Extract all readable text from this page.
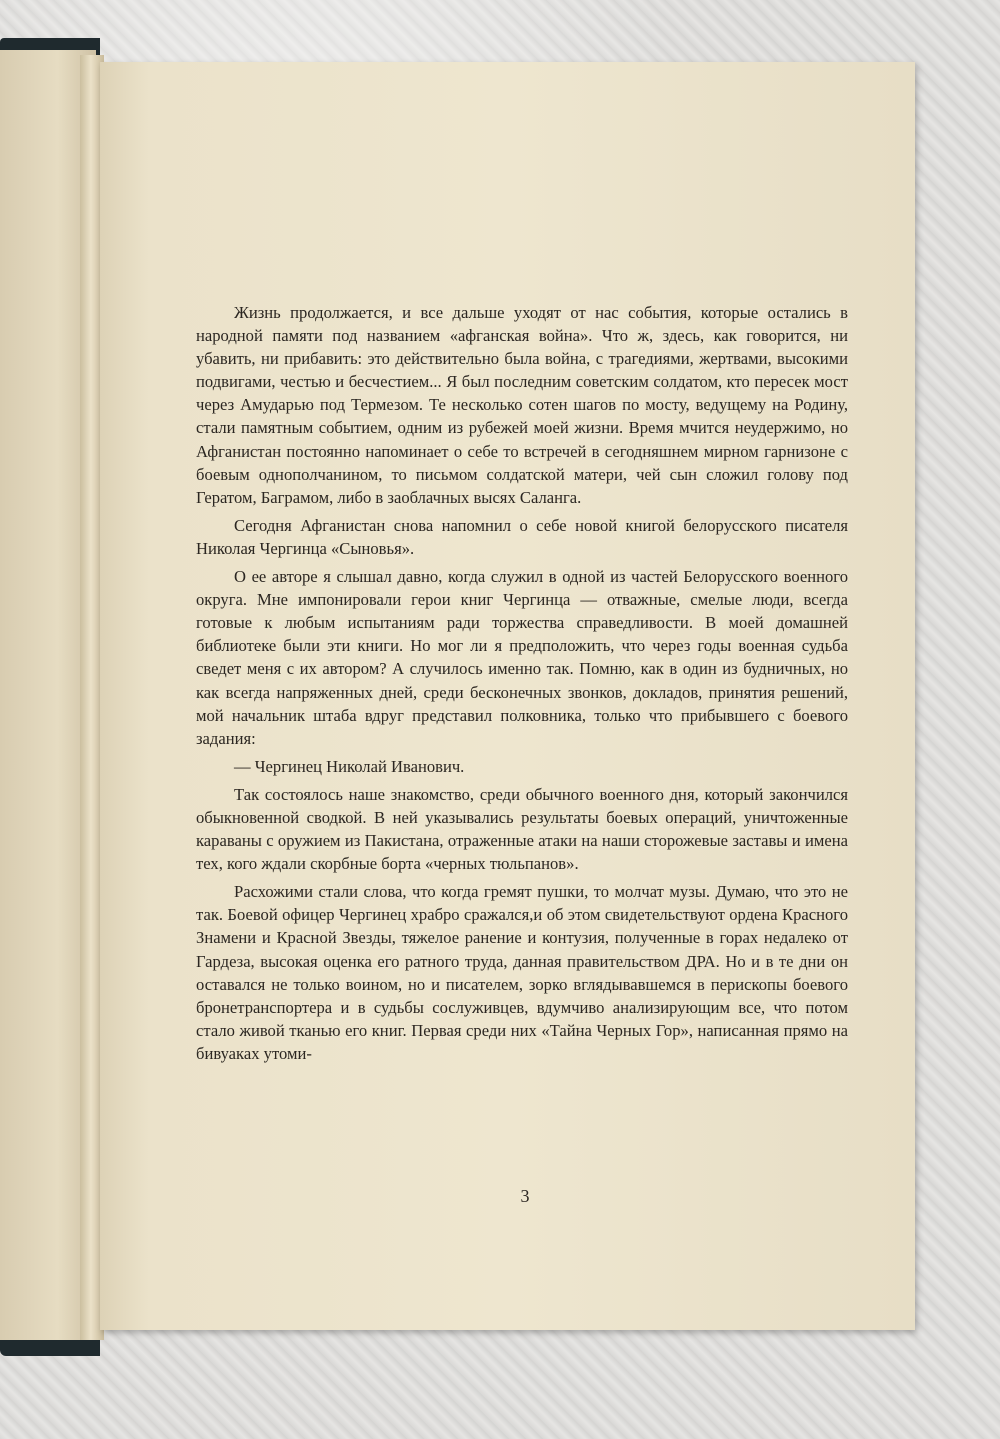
Жизнь продолжается, и все дальше уходят от нас события, которые остались в народной памяти под названием «афганская война». Что ж, здесь, как говорится, ни убавить, ни прибавить: это действительно была война, с трагедиями, жертвами, высокими подвигами, честью и бесчестием... Я был последним советским солдатом, кто пересек мост через Амударью под Термезом. Те несколько сотен шагов по мосту, ведущему на Родину, стали памятным событием, одним из рубежей моей жизни. Время мчится неудержимо, но Афганистан постоянно напоминает о себе то встречей в сегодняшнем мирном гарнизоне с боевым однополчанином, то письмом солдатской матери, чей сын сложил голову под Гератом, Баграмом, либо в заоблачных высях Саланга.

Сегодня Афганистан снова напомнил о себе новой книгой белорусского писателя Николая Чергинца «Сыновья».

О ее авторе я слышал давно, когда служил в одной из частей Белорусского военного округа. Мне импонировали герои книг Чергинца — отважные, смелые люди, всегда готовые к любым испытаниям ради торжества справедливости. В моей домашней библиотеке были эти книги. Но мог ли я предположить, что через годы военная судьба сведет меня с их автором? А случилось именно так. Помню, как в один из будничных, но как всегда напряженных дней, среди бесконечных звонков, докладов, принятия решений, мой начальник штаба вдруг представил полковника, только что прибывшего с боевого задания:

— Чергинец Николай Иванович.

Так состоялось наше знакомство, среди обычного военного дня, который закончился обыкновенной сводкой. В ней указывались результаты боевых операций, уничтоженные караваны с оружием из Пакистана, отраженные атаки на наши сторожевые заставы и имена тех, кого ждали скорбные борта «черных тюльпанов».

Расхожими стали слова, что когда гремят пушки, то молчат музы. Думаю, что это не так. Боевой офицер Чергинец храбро сражался,и об этом свидетельствуют ордена Красного Знамени и Красной Звезды, тяжелое ранение и контузия, полученные в горах недалеко от Гардеза, высокая оценка его ратного труда, данная правительством ДРА. Но и в те дни он оставался не только воином, но и писателем, зорко вглядывавшемся в перископы боевого бронетранспортера и в судьбы сослуживцев, вдумчиво анализирующим все, что потом стало живой тканью его книг. Первая среди них «Тайна Черных Гор», написанная прямо на бивуаках утоми-

3
